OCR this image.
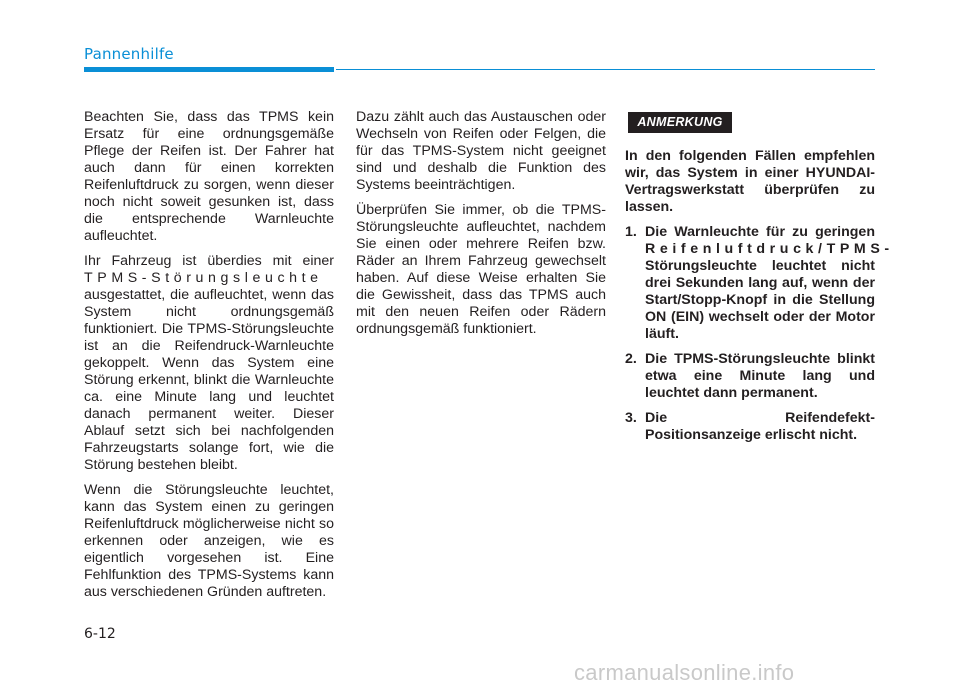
Pannenhilfe

Beachten Sie, dass das TPMS kein Ersatz für eine ordnungsgemäße Pflege der Reifen ist. Der Fahrer hat auch dann für einen korrekten Reifenluftdruck zu sorgen, wenn dieser noch nicht soweit gesunken ist, dass die entsprechende Warnleuchte aufleuchtet.

Ihr Fahrzeug ist überdies mit einer TPMS-Störungsleuchte ausgestattet, die aufleuchtet, wenn das System nicht ordnungsgemäß funktioniert. Die TPMS-Störungsleuchte ist an die Reifendruck-Warnleuchte gekoppelt. Wenn das System eine Störung erkennt, blinkt die Warnleuchte ca. eine Minute lang und leuchtet danach permanent weiter. Dieser Ablauf setzt sich bei nachfolgenden Fahrzeugstarts solange fort, wie die Störung bestehen bleibt.

Wenn die Störungsleuchte leuchtet, kann das System einen zu geringen Reifenluftdruck möglicherweise nicht so erkennen oder anzeigen, wie es eigentlich vorgesehen ist. Eine Fehlfunktion des TPMS-Systems kann aus verschiedenen Gründen auftreten.

Dazu zählt auch das Austauschen oder Wechseln von Reifen oder Felgen, die für das TPMS-System nicht geeignet sind und deshalb die Funktion des Systems beeinträchtigen.

Überprüfen Sie immer, ob die TPMS-Störungsleuchte aufleuchtet, nachdem Sie einen oder mehrere Reifen bzw. Räder an Ihrem Fahrzeug gewechselt haben. Auf diese Weise erhalten Sie die Gewissheit, dass das TPMS auch mit den neuen Reifen oder Rädern ordnungsgemäß funktioniert.

ANMERKUNG

In den folgenden Fällen empfehlen wir, das System in einer HYUNDAI-Vertragswerkstatt überprüfen zu lassen.

1. Die Warnleuchte für zu geringen Reifenluftdruck/TPMS- Störungsleuchte leuchtet nicht drei Sekunden lang auf, wenn der Start/Stopp-Knopf in die Stellung ON (EIN) wechselt oder der Motor läuft.
2. Die TPMS-Störungsleuchte blinkt etwa eine Minute lang und leuchtet dann permanent.
3. Die Reifendefekt-Positionsanzeige erlischt nicht.
6-12
carmanualsonline.info
